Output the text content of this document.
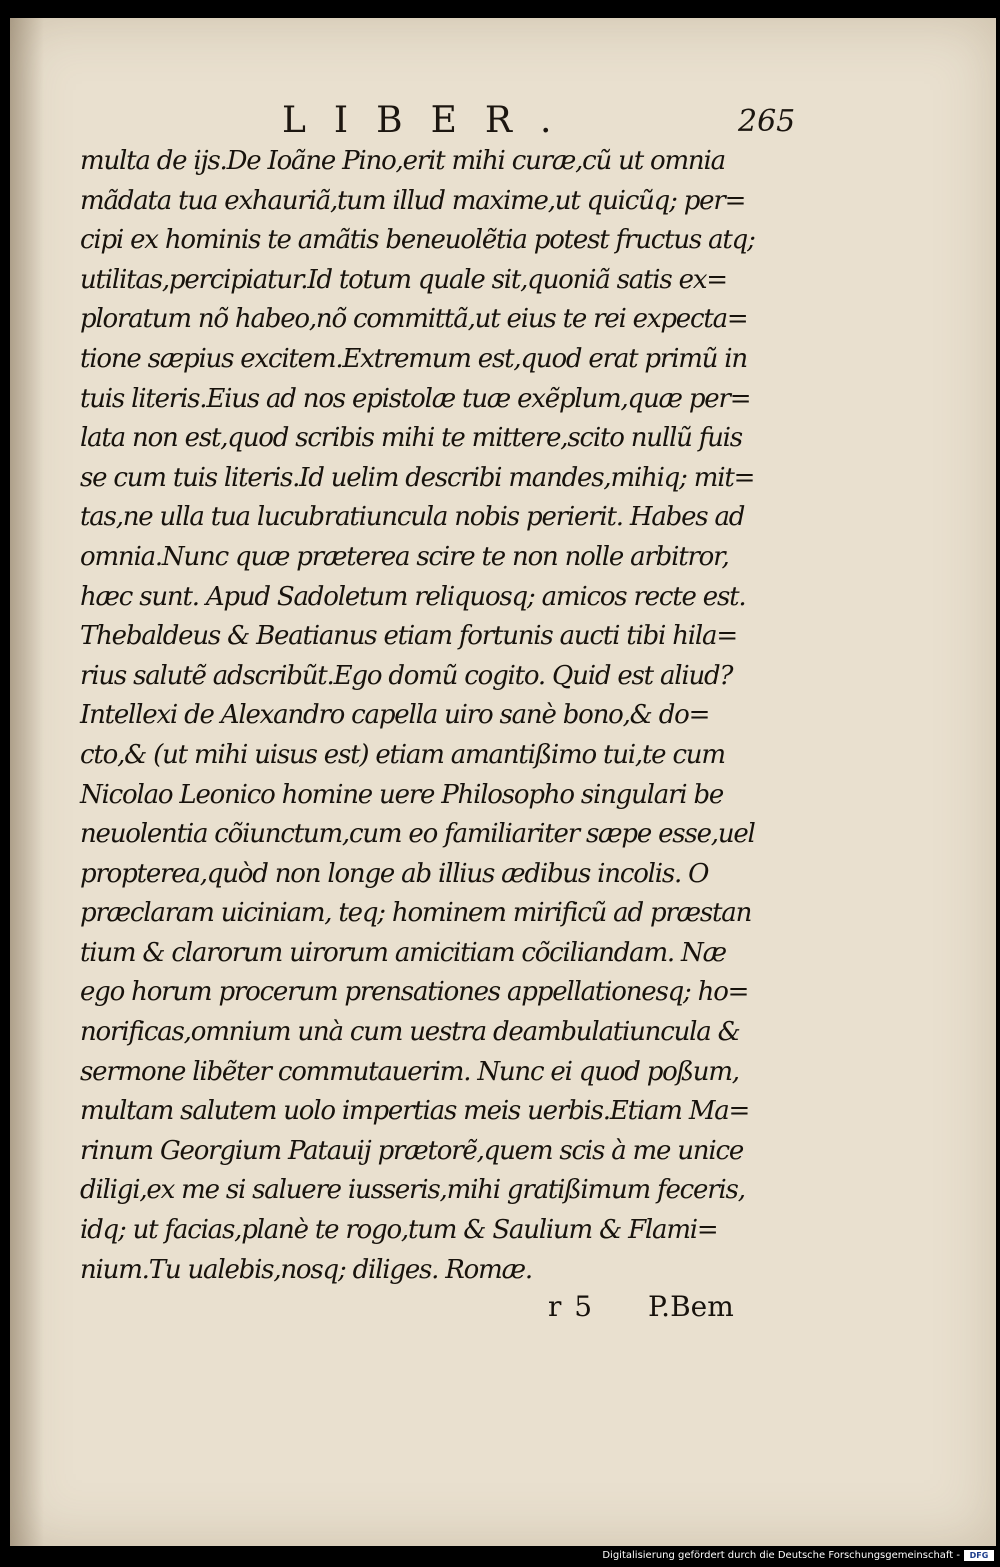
LIBER.	265
multa de ijs.De Ioãne Pino,erit mihi curæ,cũ ut omnia
mãdata tua exhauriã,tum illud maxime,ut quicũq; per=
cipi ex hominis te amãtis beneuolẽtia potest fructus atq;
utilitas,percipiatur.Id totum quale sit,quoniã satis ex=
ploratum nõ habeo,nõ committã,ut eius te rei expecta=
tione sæpius excitem.Extremum est,quod erat primũ in
tuis literis.Eius ad nos epistolæ tuæ exẽplum,quæ per=
lata non est,quod scribis mihi te mittere,scito nullũ fuis
se cum tuis literis.Id uelim describi mandes,mihiq; mit=
tas,ne ulla tua lucubratiuncula nobis perierit. Habes ad
omnia.Nunc quæ præterea scire te non nolle arbitror,
hæc sunt. Apud Sadoletum reliquosq; amicos recte est.
Thebaldeus & Beatianus etiam fortunis aucti tibi hila=
rius salutẽ adscribũt.Ego domũ cogito. Quid est aliud?
Intellexi de Alexandro capella uiro sanè bono,& do=
cto,& (ut mihi uisus est) etiam amantißimo tui,te cum
Nicolao Leonico homine uere Philosopho singulari be
neuolentia cõiunctum,cum eo familiariter sæpe esse,uel
propterea,quòd non longe ab illius ædibus incolis. O
præclaram uiciniam, teq; hominem mirificũ ad præstan
tium & clarorum uirorum amicitiam cõciliandam. Næ
ego horum procerum prensationes appellationesq; ho=
norificas,omnium unà cum uestra deambulatiuncula &
sermone libẽter commutauerim. Nunc ei quod poßum,
multam salutem uolo impertias meis uerbis.Etiam Ma=
rinum Georgium Patauij prætorẽ,quem scis à me unice
diligi,ex me si saluere iusseris,mihi gratißimum feceris,
idq; ut facias,planè te rogo,tum & Saulium & Flami=
nium.Tu ualebis,nosq; diliges. Romæ.
r 5 P.Bem
Digitalisierung gefördert durch die Deutsche Forschungsgemeinschaft -	DFG
